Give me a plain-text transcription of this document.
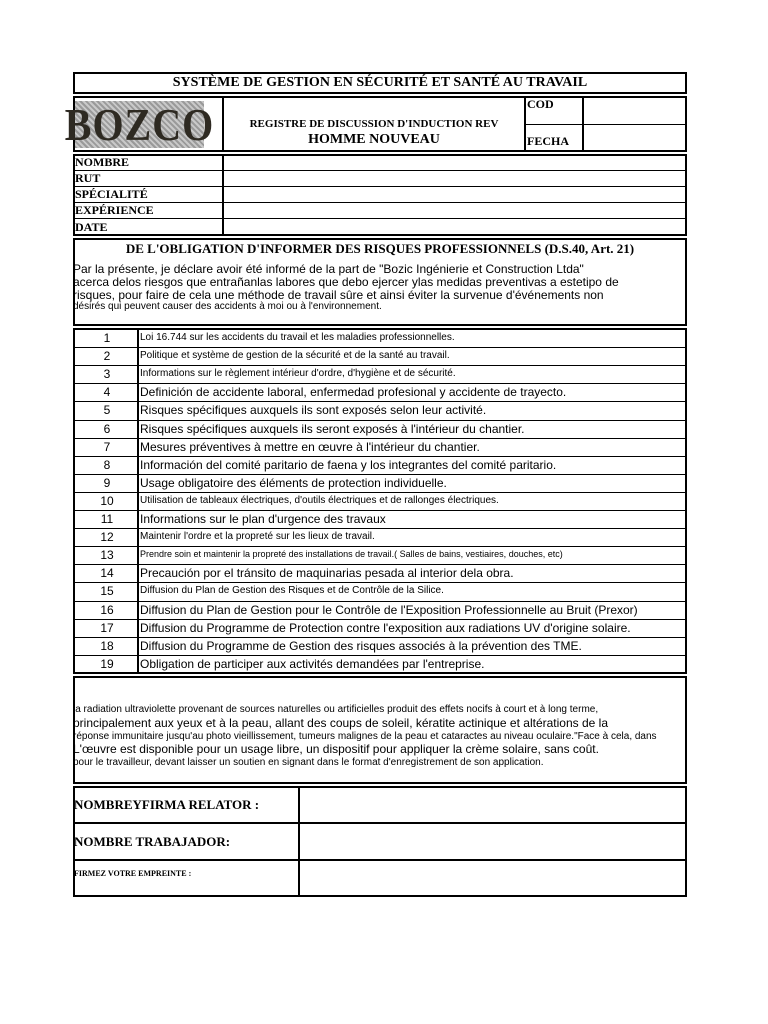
SYSTÈME DE GESTION EN SÉCURITÉ ET SANTÉ AU TRAVAIL
BOZCO	REGISTRE DE DISCUSSION D'INDUCTION REV
HOMME NOUVEAU
COD
FECHA
NOMBRE
RUT
SPÉCIALITÉ
EXPÉRIENCE
DATE
DE L'OBLIGATION D'INFORMER DES RISQUES PROFESSIONNELS (D.S.40, Art. 21)
Par la présente, je déclare avoir été informé de la part de "Bozic Ingénierie et Construction Ltda"
acerca delos riesgos que entrañanlas labores que debo ejercer ylas medidas preventivas a estetipo de
risques, pour faire de cela une méthode de travail sûre et ainsi éviter la survenue d'événements non
désirés qui peuvent causer des accidents à moi ou à l'environnement.
1	Loi 16.744 sur les accidents du travail et les maladies professionnelles.
2	Politique et système de gestion de la sécurité et de la santé au travail.
3	Informations sur le règlement intérieur d'ordre, d'hygiène et de sécurité.
4	Definición de accidente laboral, enfermedad profesional y accidente de trayecto.
5	Risques spécifiques auxquels ils sont exposés selon leur activité.
6	Risques spécifiques auxquels ils seront exposés à l'intérieur du chantier.
7	Mesures préventives à mettre en œuvre à l'intérieur du chantier.
8	Información del comité paritario de faena y los integrantes del comité paritario.
9	Usage obligatoire des éléments de protection individuelle.
10	Utilisation de tableaux électriques, d'outils électriques et de rallonges électriques.
11	Informations sur le plan d'urgence des travaux
12	Maintenir l'ordre et la propreté sur les lieux de travail.
13	Prendre soin et maintenir la propreté des installations de travail.( Salles de bains, vestiaires, douches, etc)
14	Precaución por el tránsito de maquinarias pesada al interior dela obra.
15	Diffusion du Plan de Gestion des Risques et de Contrôle de la Silice.
16	Diffusion du Plan de Gestion pour le Contrôle de l'Exposition Professionnelle au Bruit (Prexor)
17	Diffusion du Programme de Protection contre l'exposition aux radiations UV d'origine solaire.
18	Diffusion du Programme de Gestion des risques associés à la prévention des TME.
19	Obligation de participer aux activités demandées par l'entreprise.
la radiation ultraviolette provenant de sources naturelles ou artificielles produit des effets nocifs à court et à long terme,
principalement aux yeux et à la peau, allant des coups de soleil, kératite actinique et altérations de la
réponse immunitaire jusqu'au photo vieillissement, tumeurs malignes de la peau et cataractes au niveau oculaire."Face à cela, dans
L'œuvre est disponible pour un usage libre, un dispositif pour appliquer la crème solaire, sans coût.
pour le travailleur, devant laisser un soutien en signant dans le format d'enregistrement de son application.
NOMBREYFIRMA RELATOR :
NOMBRE TRABAJADOR:
FIRMEZ VOTRE EMPREINTE :
